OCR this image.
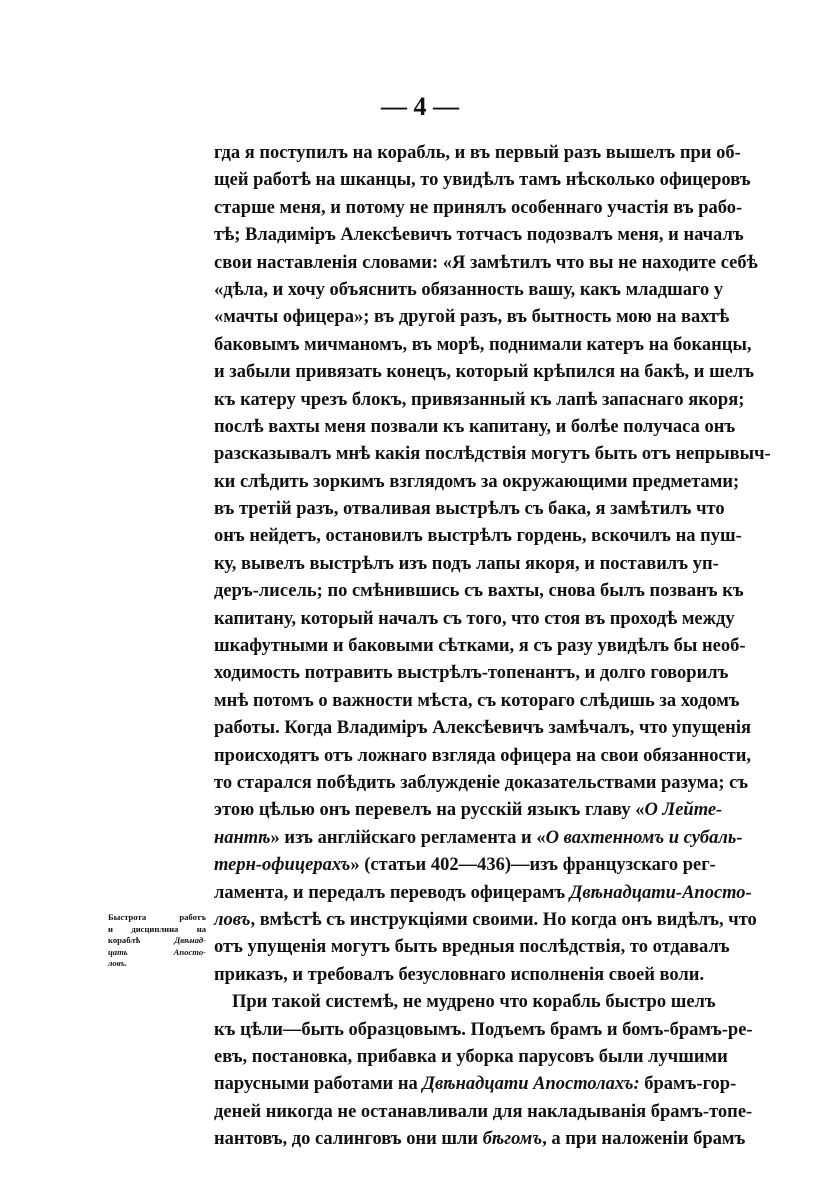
— 4 —
Быстрота работъ
и дисциплина на
кораблѣ Двѣнад-
цать Апосто-
ловъ.
гда я поступилъ на корабль, и въ первый разъ вышелъ при об-
щей работѣ на шканцы, то увидѣлъ тамъ нѣсколько офицеровъ
старше меня, и потому не принялъ особеннаго участія въ рабо-
тѣ; Владиміръ Алексѣевичъ тотчасъ подозвалъ меня, и началъ
свои наставленія словами: «Я замѣтилъ что вы не находите себѣ
«дѣла, и хочу объяснить обязанность вашу, какъ младшаго у
«мачты офицера»; въ другой разъ, въ бытность мою на вахтѣ
баковымъ мичманомъ, въ морѣ, поднимали катеръ на боканцы,
и забыли привязать конецъ, который крѣпился на бакѣ, и шелъ
къ катеру чрезъ блокъ, привязанный къ лапѣ запаснаго якоря;
послѣ вахты меня позвали къ капитану, и болѣе получаса онъ
разсказывалъ мнѣ какія послѣдствія могутъ быть отъ непрывыч-
ки слѣдить зоркимъ взглядомъ за окружающими предметами;
въ третій разъ, отваливая выстрѣлъ съ бака, я замѣтилъ что
онъ нейдетъ, остановилъ выстрѣлъ гордень, вскочилъ на пуш-
ку, вывелъ выстрѣлъ изъ подъ лапы якоря, и поставилъ уп-
деръ-лисель; по смѣнившись съ вахты, снова былъ позванъ къ
капитану, который началъ съ того, что стоя въ проходѣ между
шкафутными и баковыми сѣтками, я съ разу увидѣлъ бы необ-
ходимость потравить выстрѣлъ-топенантъ, и долго говорилъ
мнѣ потомъ о важности мѣста, съ котораго слѣдишь за ходомъ
работы. Когда Владиміръ Алексѣевичъ замѣчалъ, что упущенія
происходятъ отъ ложнаго взгляда офицера на свои обязанности,
то старался побѣдить заблужденіе доказательствами разума; съ
этою цѣлью онъ перевелъ на русскій языкъ главу «О Лейте-
нантѣ» изъ англійскаго регламента и «О вахтенномъ и субаль-
терн-офицерахъ» (статьи 402—436)—изъ французскаго рег-
ламента, и передалъ переводъ офицерамъ Двѣнадцати-Апосто-
ловъ, вмѣстѣ съ инструкціями своими. Но когда онъ видѣлъ, что
отъ упущенія могутъ быть вредныя послѣдствія, то отдавалъ
приказъ, и требовалъ безусловнаго исполненія своей воли.
При такой системѣ, не мудрено что корабль быстро шелъ
къ цѣли—быть образцовымъ. Подъемъ брамъ и бомъ-брамъ-ре-
евъ, постановка, прибавка и уборка парусовъ были лучшими
парусными работами на Двѣнадцати Апостолахъ: брамъ-гор-
деней никогда не останавливали для накладыванія брамъ-топе-
нантовъ, до салинговъ они шли бѣгомъ, а при наложеніи брамъ
